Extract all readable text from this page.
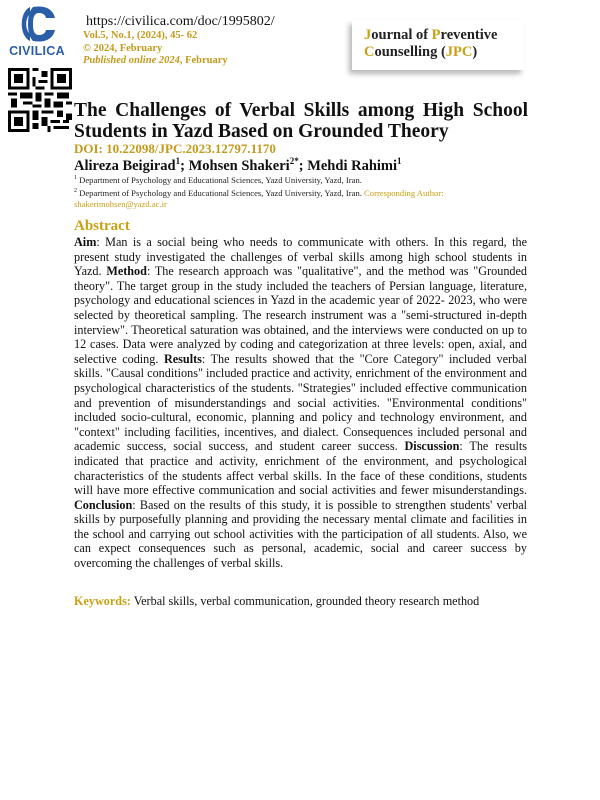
CIVILICA
https://civilica.com/doc/1995802/
Vol.5, No.1, (2024), 45- 62
© 2024, February
Published online 2024, February
Journal of Preventive
Counselling (JPC)
The Challenges of Verbal Skills among High School
Students in Yazd Based on Grounded Theory
DOI: 10.22098/JPC.2023.12797.1170
Alireza Beigirad$^1$; Mohsen Shakeri$^{2*}$; Mehdi Rahimi$^1$
$^1$ Department of Psychology and Educational Sciences, Yazd University, Yazd, Iran.
$^2$ Department of Psychology and Educational Sciences, Yazd University, Yazd, Iran. Corresponding Author: shakerimohsen@yazd.ac.ir
Abstract
Aim: Man is a social being who needs to communicate with others. In this regard, the present study investigated the challenges of verbal skills among high school students in Yazd. Method: The research approach was "qualitative", and the method was "Grounded theory". The target group in the study included the teachers of Persian language, literature, psychology and educational sciences in Yazd in the academic year of 2022- 2023, who were selected by theoretical sampling. The research instrument was a "semi-structured in-depth interview". Theoretical saturation was obtained, and the interviews were conducted on up to 12 cases. Data were analyzed by coding and categorization at three levels: open, axial, and selective coding. Results: The results showed that the "Core Category" included verbal skills. "Causal conditions" included practice and activity, enrichment of the environment and psychological characteristics of the students. "Strategies" included effective communication and prevention of misunderstandings and social activities. "Environmental conditions" included socio-cultural, economic, planning and policy and technology environment, and "context" including facilities, incentives, and dialect. Consequences included personal and academic success, social success, and student career success. Discussion: The results indicated that practice and activity, enrichment of the environment, and psychological characteristics of the students affect verbal skills. In the face of these conditions, students will have more effective communication and social activities and fewer misunderstandings. Conclusion: Based on the results of this study, it is possible to strengthen students' verbal skills by purposefully planning and providing the necessary mental climate and facilities in the school and carrying out school activities with the participation of all students. Also, we can expect consequences such as personal, academic, social and career success by overcoming the challenges of verbal skills.
Keywords: Verbal skills, verbal communication, grounded theory research method
